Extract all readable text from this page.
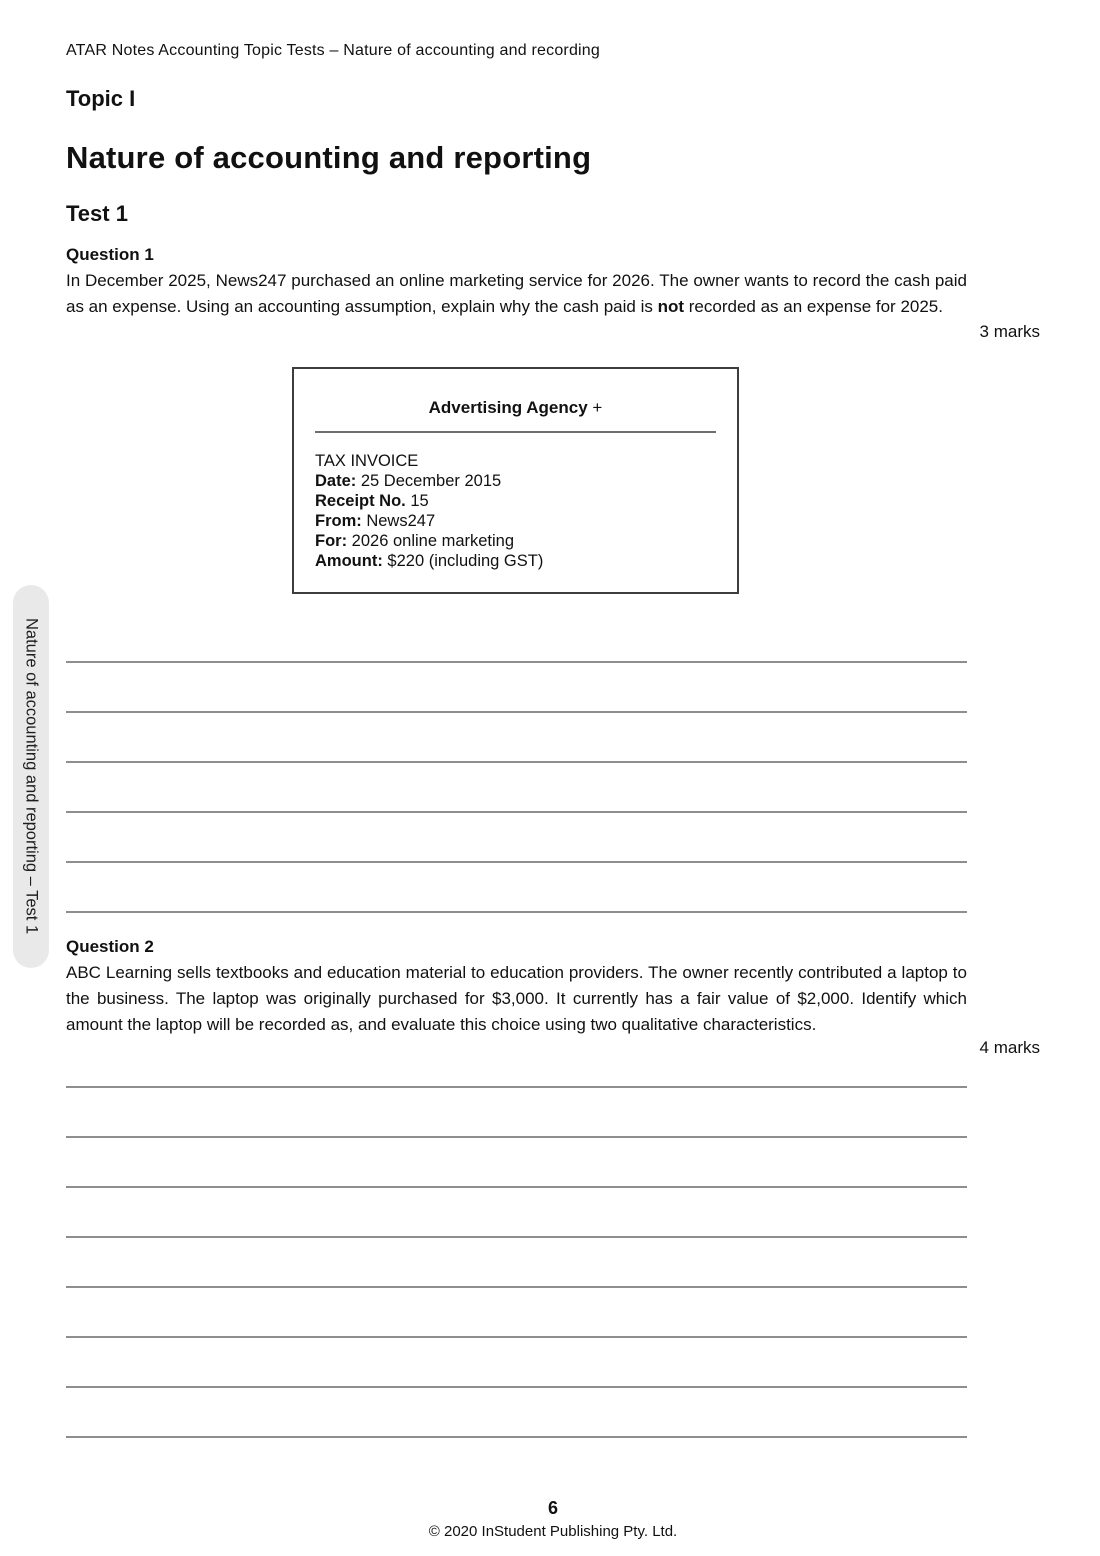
ATAR Notes Accounting Topic Tests – Nature of accounting and recording
Topic I
Nature of accounting and reporting
Test 1
Question 1
In December 2025, News247 purchased an online marketing service for 2026. The owner wants to record the cash paid as an expense. Using an accounting assumption, explain why the cash paid is not recorded as an expense for 2025.
3 marks
Advertising Agency +
TAX INVOICE
Date: 25 December 2015
Receipt No. 15
From: News247
For: 2026 online marketing
Amount: $220 (including GST)
Nature of accounting and reporting – Test 1
Question 2
ABC Learning sells textbooks and education material to education providers. The owner recently contributed a laptop to the business. The laptop was originally purchased for $3,000. It currently has a fair value of $2,000. Identify which amount the laptop will be recorded as, and evaluate this choice using two qualitative characteristics.
4 marks
6
© 2020 InStudent Publishing Pty. Ltd.
